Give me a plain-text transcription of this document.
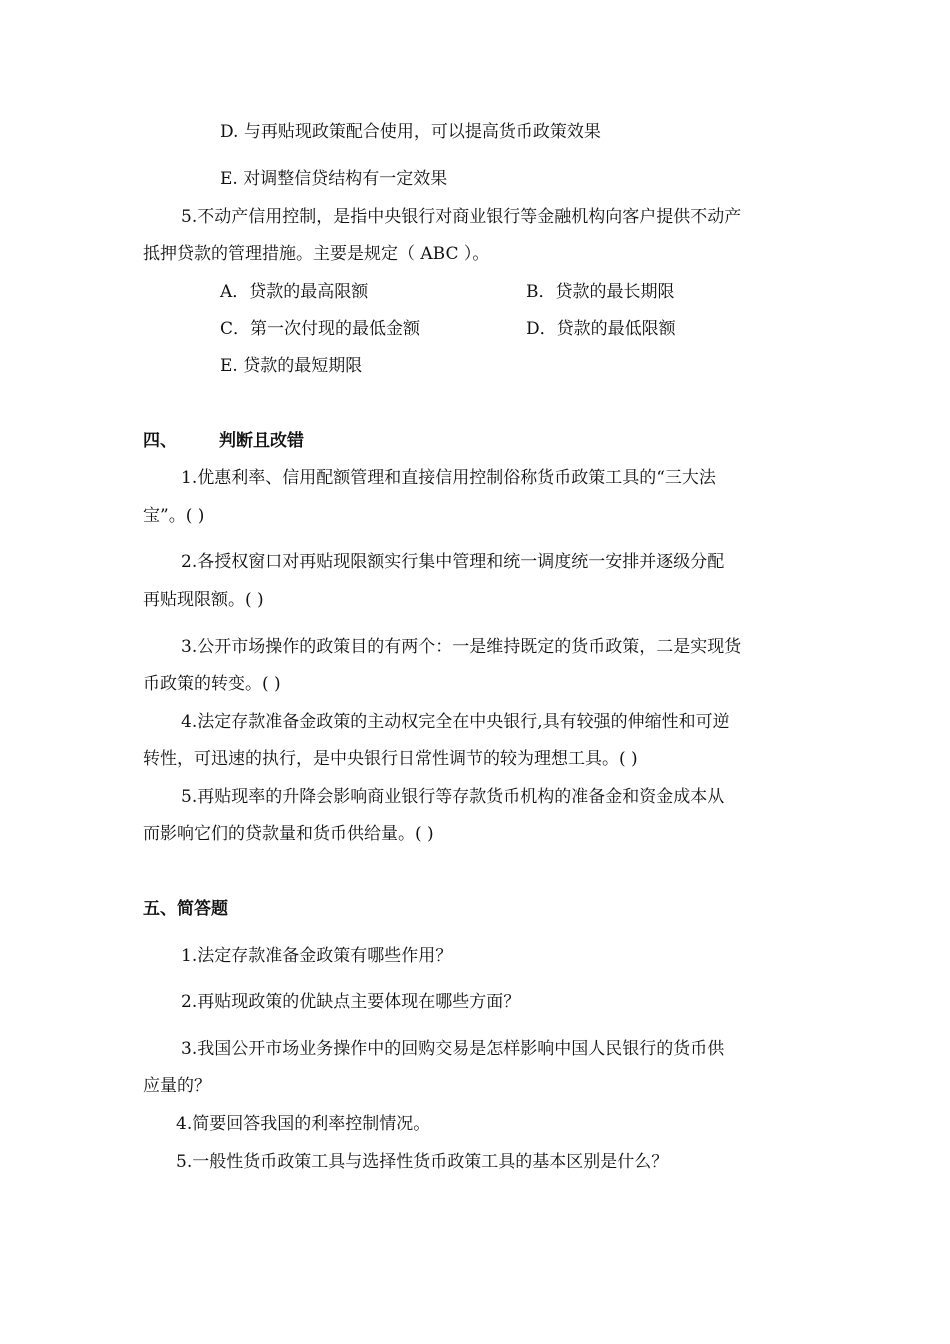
D. 与再贴现政策配合使用，可以提高货币政策效果
E. 对调整信贷结构有一定效果
5.不动产信用控制，是指中央银行对商业银行等金融机构向客户提供不动产
抵押贷款的管理措施。主要是规定（ ABC ）。
A．贷款的最高限额	B．贷款的最长期限
C．第一次付现的最低金额	D．贷款的最低限额
E. 贷款的最短期限
四、 判断且改错
1.优惠利率、信用配额管理和直接信用控制俗称货币政策工具的“三大法
宝”。( )
2.各授权窗口对再贴现限额实行集中管理和统一调度统一安排并逐级分配
再贴现限额。( )
3.公开市场操作的政策目的有两个：一是维持既定的货币政策，二是实现货
币政策的转变。( )
4.法定存款准备金政策的主动权完全在中央银行,具有较强的伸缩性和可逆
转性，可迅速的执行，是中央银行日常性调节的较为理想工具。( )
5.再贴现率的升降会影响商业银行等存款货币机构的准备金和资金成本从
而影响它们的贷款量和货币供给量。( )
五、简答题
1.法定存款准备金政策有哪些作用？
2.再贴现政策的优缺点主要体现在哪些方面？
3.我国公开市场业务操作中的回购交易是怎样影响中国人民银行的货币供
应量的？
4.简要回答我国的利率控制情况。
5.一般性货币政策工具与选择性货币政策工具的基本区别是什么？
